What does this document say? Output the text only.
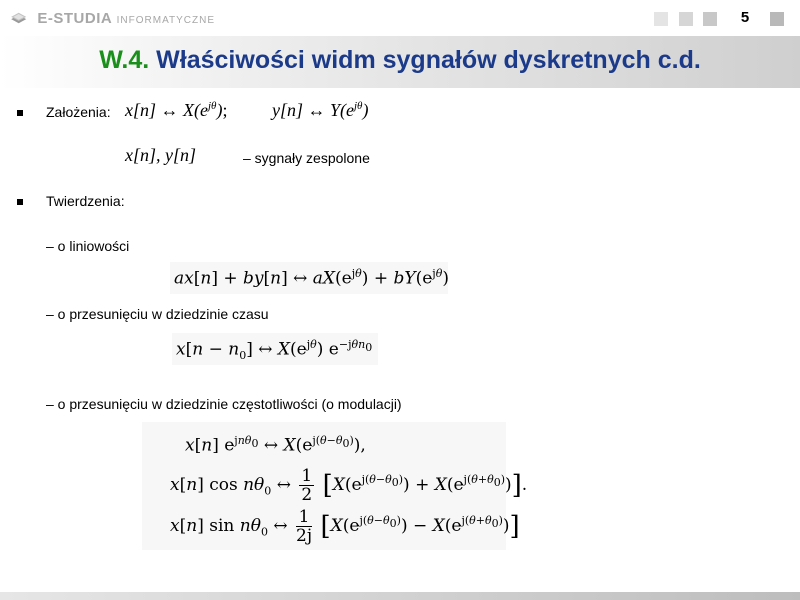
E-STUDIA INFORMATYCZNE	5
W.4. Właściwości widm sygnałów dyskretnych c.d.
Założenia: x[n] ↔ $X(e^{j\theta})$; y[n] ↔ $Y(e^{j\theta})$
x[n], y[n]	– sygnały zespolone
Twierdzenia:
– o liniowości
ax[n] + by[n] ↔ $aX(e^{j\theta}) + bY(e^{j\theta})$
– o przesunięciu w dziedzinie czasu
$x[n - n_0]$ ↔ $X(e^{j\theta})$ $e^{-j\theta n_0}$
– o przesunięciu w dziedzinie częstotliwości (o modulacji)
x[n] $e^{jn\theta_0}$ ↔ $X(e^{j(\theta-\theta_0)})$,
x[n] $\cos n\theta_0$ ↔ $\frac{1}{2} [X(e^{j(\theta-\theta_0)}) + X(e^{j(\theta+\theta_0)})]$.
x[n] $\sin n\theta_0$ ↔ $\frac{1}{2j} [X(e^{j(\theta-\theta_0)}) - X(e^{j(\theta+\theta_0)})]$
